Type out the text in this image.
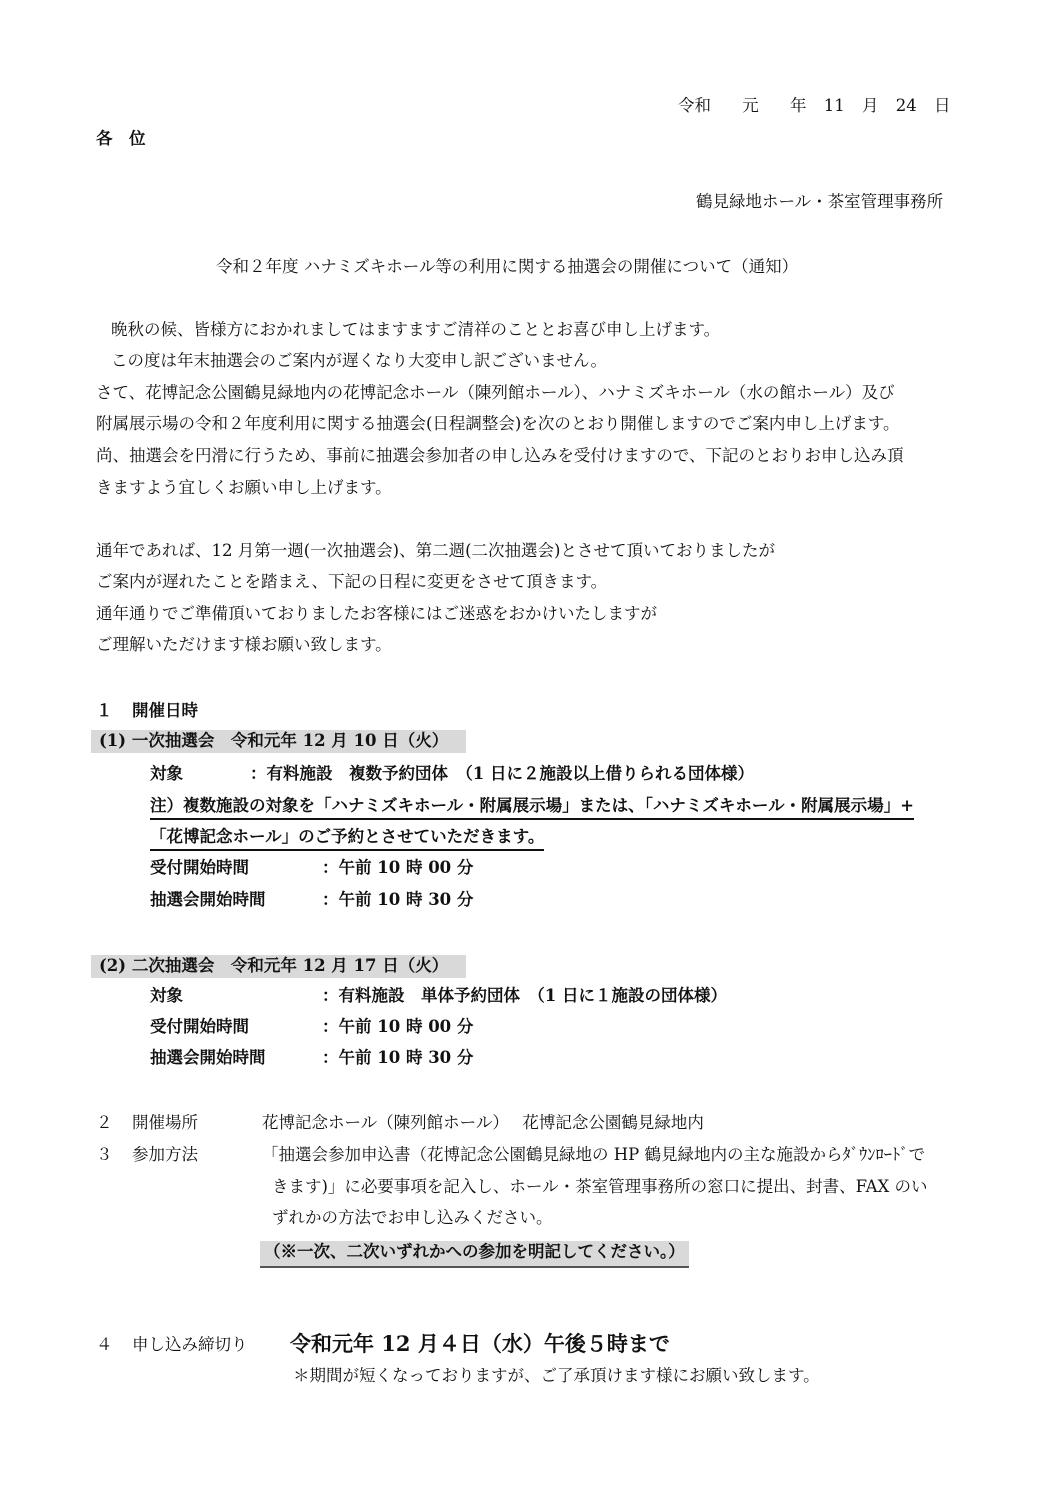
令和 元 年 11 月 24 日
各　位
鶴見緑地ホール・茶室管理事務所
令和２年度 ハナミズキホール等の利用に関する抽選会の開催について（通知）
晩秋の候、皆様方におかれましてはますますご清祥のこととお喜び申し上げます。
この度は年末抽選会のご案内が遅くなり大変申し訳ございません。
さて、花博記念公園鶴見緑地内の花博記念ホール（陳列館ホール）、ハナミズキホール（水の館ホール）及び
附属展示場の令和２年度利用に関する抽選会(日程調整会)を次のとおり開催しますのでご案内申し上げます。
尚、抽選会を円滑に行うため、事前に抽選会参加者の申し込みを受付けますので、下記のとおりお申し込み頂
きますよう宜しくお願い申し上げます。
通年であれば、12 月第一週(一次抽選会)、第二週(二次抽選会)とさせて頂いておりましたが
ご案内が遅れたことを踏まえ、下記の日程に変更をさせて頂きます。
通年通りでご準備頂いておりましたお客様にはご迷惑をおかけいたしますが
ご理解いただけます様お願い致します。
１ 開催日時
(1) 一次抽選会　令和元年 12 月 10 日（火）
対象	：有料施設　複数予約団体　（1 日に２施設以上借りられる団体様）
注）複数施設の対象を「ハナミズキホール・附属展示場」または、「ハナミズキホール・附属展示場」+
「花博記念ホール」のご予約とさせていただきます。
受付開始時間	：午前 10 時 00 分
抽選会開始時間	：午前 10 時 30 分
(2) 二次抽選会　令和元年 12 月 17 日（火）
対象	：有料施設　単体予約団体　（1 日に１施設の団体様）
受付開始時間	：午前 10 時 00 分
抽選会開始時間	：午前 10 時 30 分
２ 開催場所	花博記念ホール（陳列館ホール）　 花博記念公園鶴見緑地内
３ 参加方法	「抽選会参加申込書（花博記念公園鶴見緑地の HP 鶴見緑地内の主な施設からﾀﾞｳﾝﾛｰﾄﾞで
きます)」に必要事項を記入し、ホール・茶室管理事務所の窓口に提出、封書、FAX のい
ずれかの方法でお申し込みください。
（※一次、二次いずれかへの参加を明記してください。）
４ 申し込み締切り 令和元年 12 月４日（水）午後５時まで
＊期間が短くなっておりますが、ご了承頂けます様にお願い致します。
